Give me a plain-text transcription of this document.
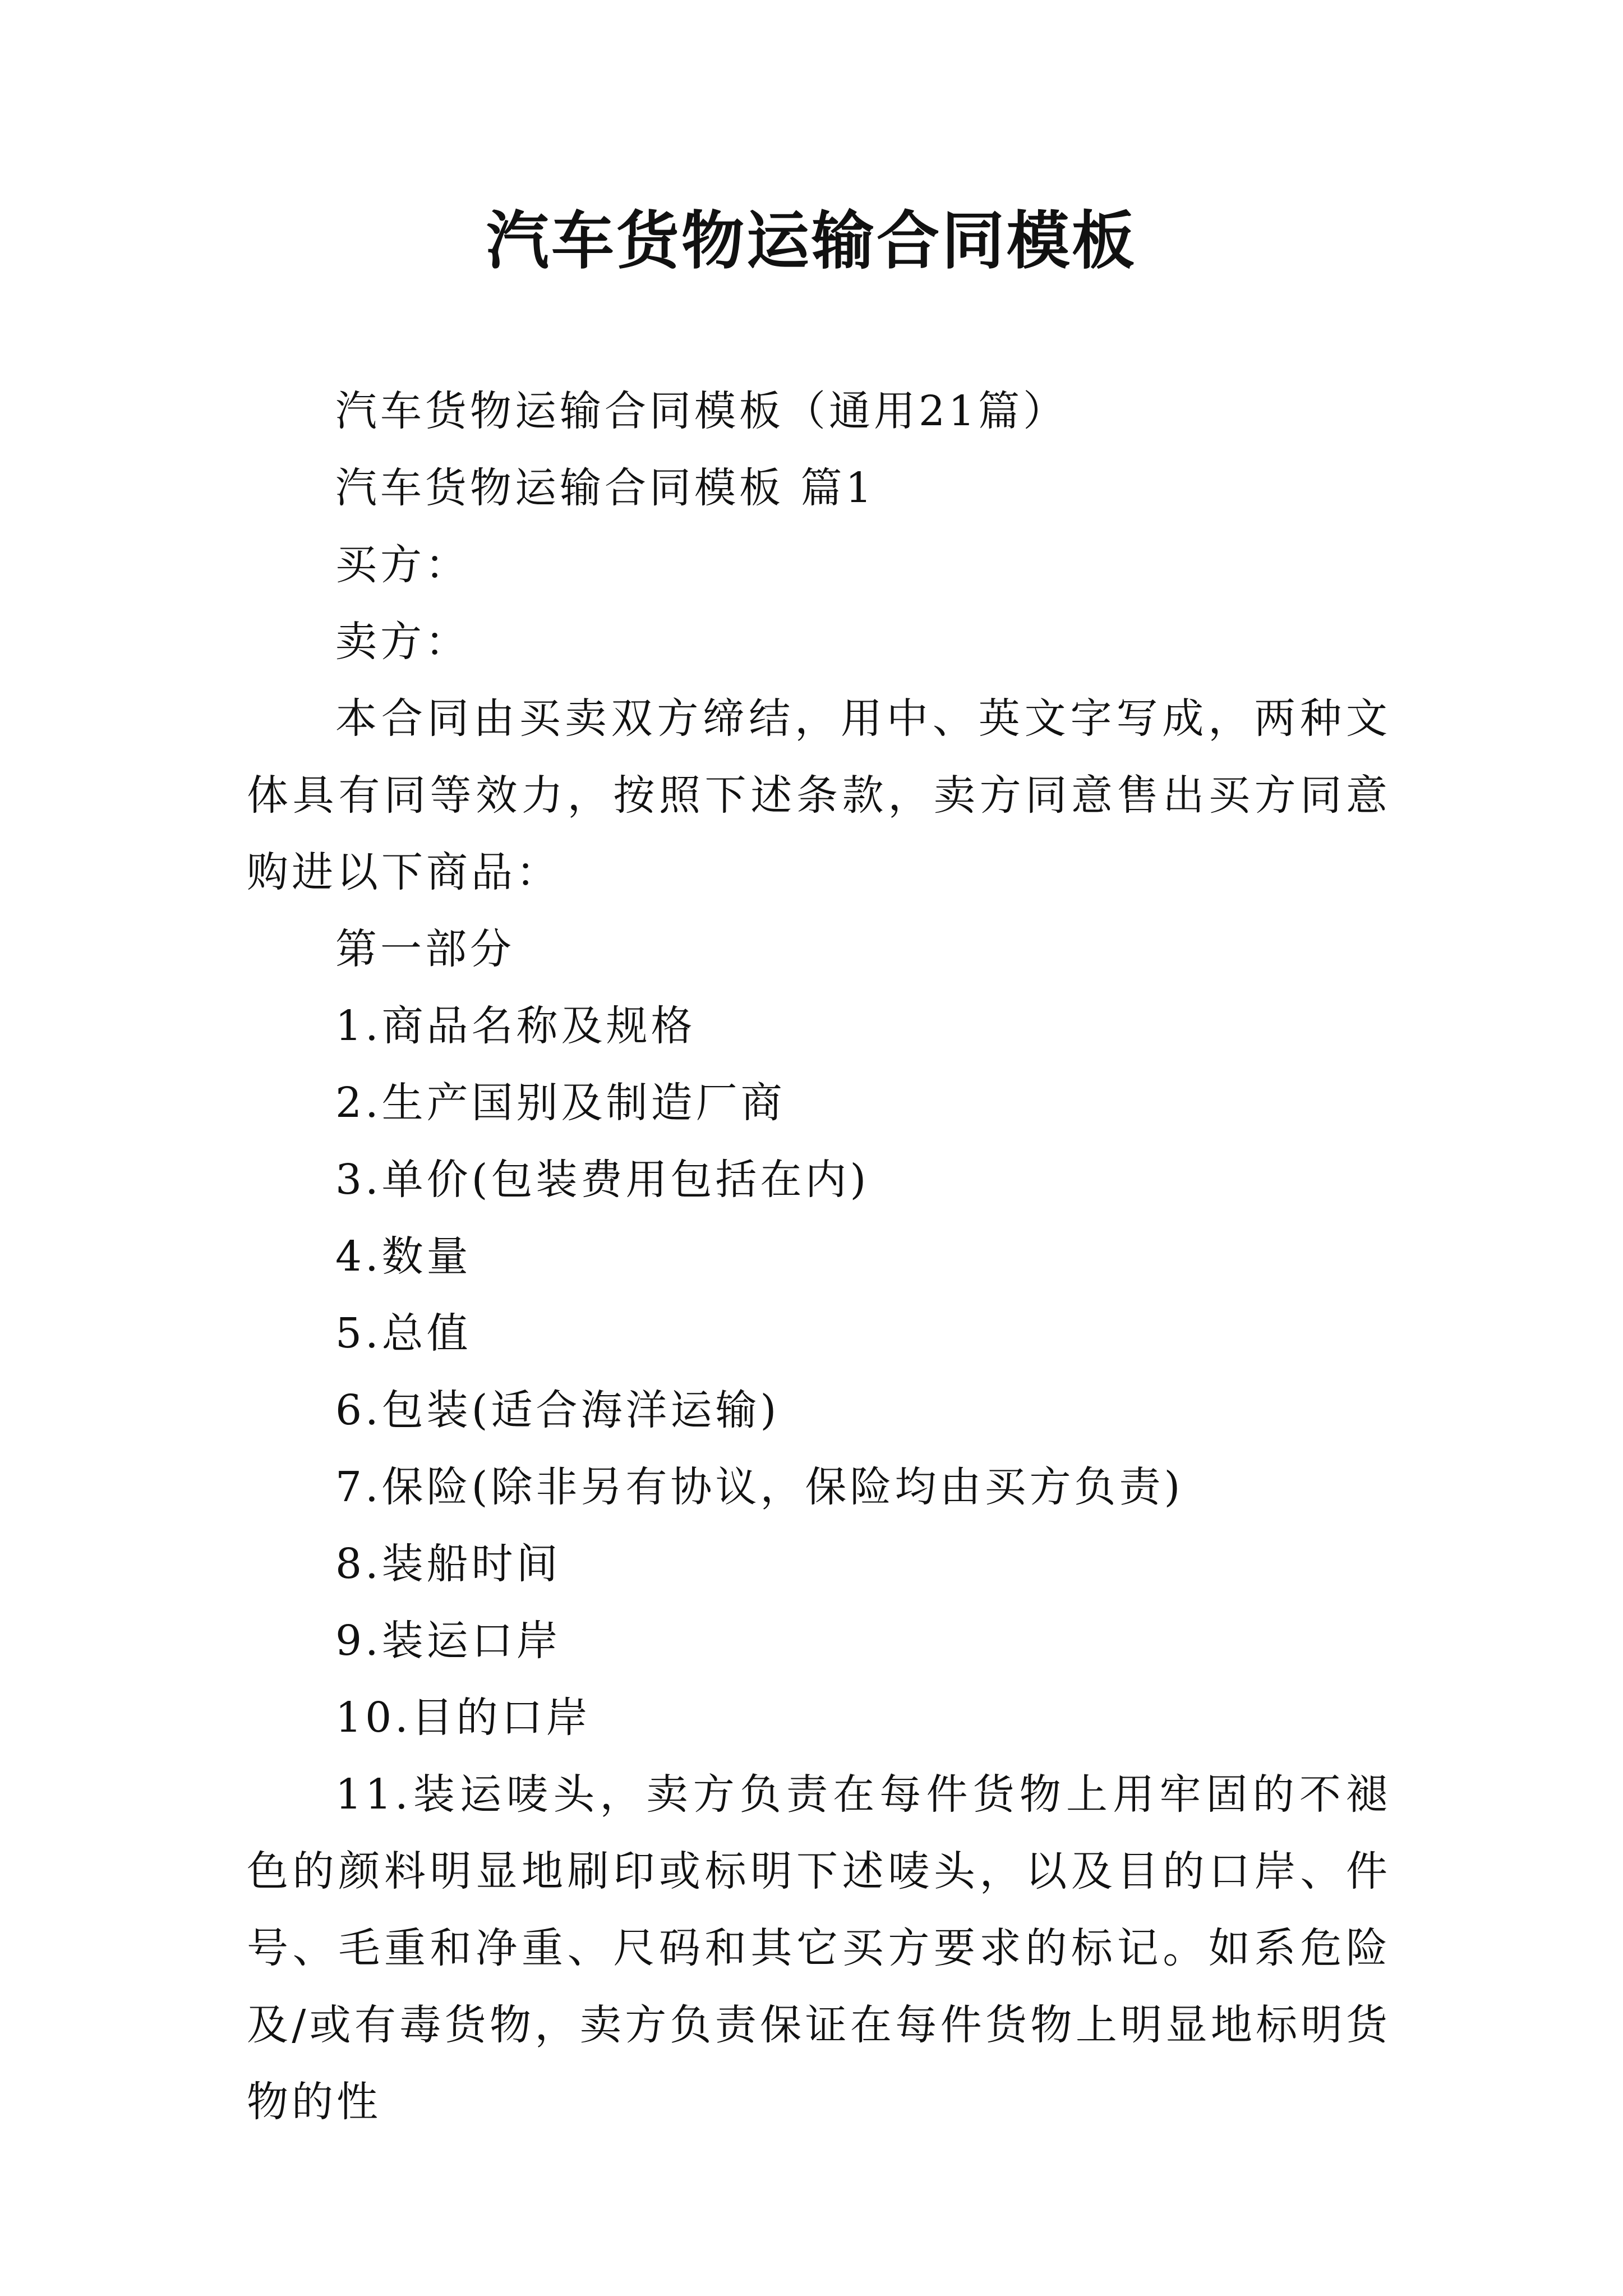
汽车货物运输合同模板

汽车货物运输合同模板（通用21篇）

汽车货物运输合同模板 篇1

买方：

卖方：

本合同由买卖双方缔结，用中、英文字写成，两种文体具有同等效力，按照下述条款，卖方同意售出买方同意购进以下商品：

第一部分

1.商品名称及规格

2.生产国别及制造厂商

3.单价(包装费用包括在内)

4.数量

5.总值

6.包装(适合海洋运输)

7.保险(除非另有协议，保险均由买方负责)

8.装船时间

9.装运口岸

10.目的口岸

11.装运唛头，卖方负责在每件货物上用牢固的不褪色的颜料明显地刷印或标明下述唛头，以及目的口岸、件号、毛重和净重、尺码和其它买方要求的标记。如系危险及/或有毒货物，卖方负责保证在每件货物上明显地标明货物的性
